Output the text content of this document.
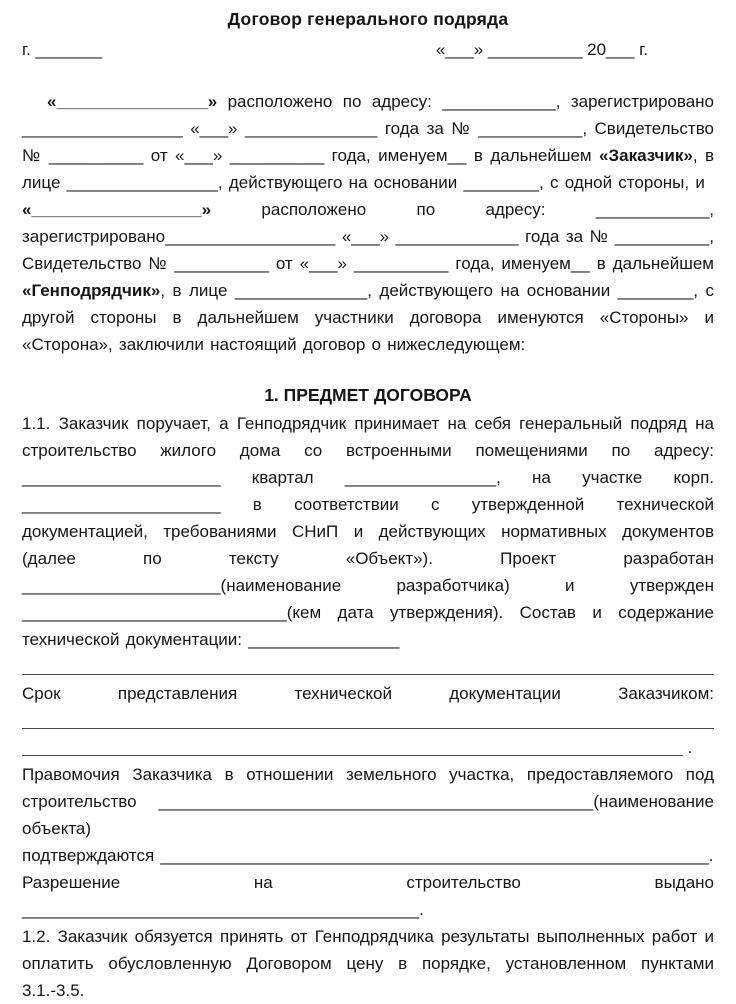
Договор генерального подряда
г. _______	«___» __________ 20___ г.

«________________» расположено по адресу: ____________, зарегистрировано _________________ «___» ______________ года за № ___________, Свидетельство № __________ от «___» __________ года, именуем__ в дальнейшем «Заказчик», в лице ________________, действующего на основании ________, с одной стороны, и

«__________________» расположено по адресу: ____________, зарегистрировано__________________ «___» _____________ года за № __________, Свидетельство № __________ от «___» __________ года, именуем__ в дальнейшем «Генподрядчик», в лице ______________, действующего на основании ________, с другой стороны в дальнейшем участники договора именуются «Стороны» и «Сторона», заключили настоящий договор о нижеследующем:

1. ПРЕДМЕТ ДОГОВОРА

1.1. Заказчик поручает, а Генподрядчик принимает на себя генеральный подряд на строительство жилого дома со встроенными помещениями по адресу: _____________________ квартал ________________, на участке корп. _____________________ в соответствии с утвержденной технической документацией, требованиями СНиП и действующих нормативных документов (далее по тексту «Объект»). Проект разработан _____________________(наименование разработчика) и утвержден ____________________________(кем дата утверждения). Состав и содержание технической документации: ________________

Срок представления технической документации Заказчиком:

.

Правомочия Заказчика в отношении земельного участка, предоставляемого под строительство ______________________________________________(наименование объекта)
подтверждаются __________________________________________________________.

Разрешение на строительство выдано __________________________________________.

1.2. Заказчик обязуется принять от Генподрядчика результаты выполненных работ и оплатить обусловленную Договором цену в порядке, установленном пунктами 3.1.-3.5.
